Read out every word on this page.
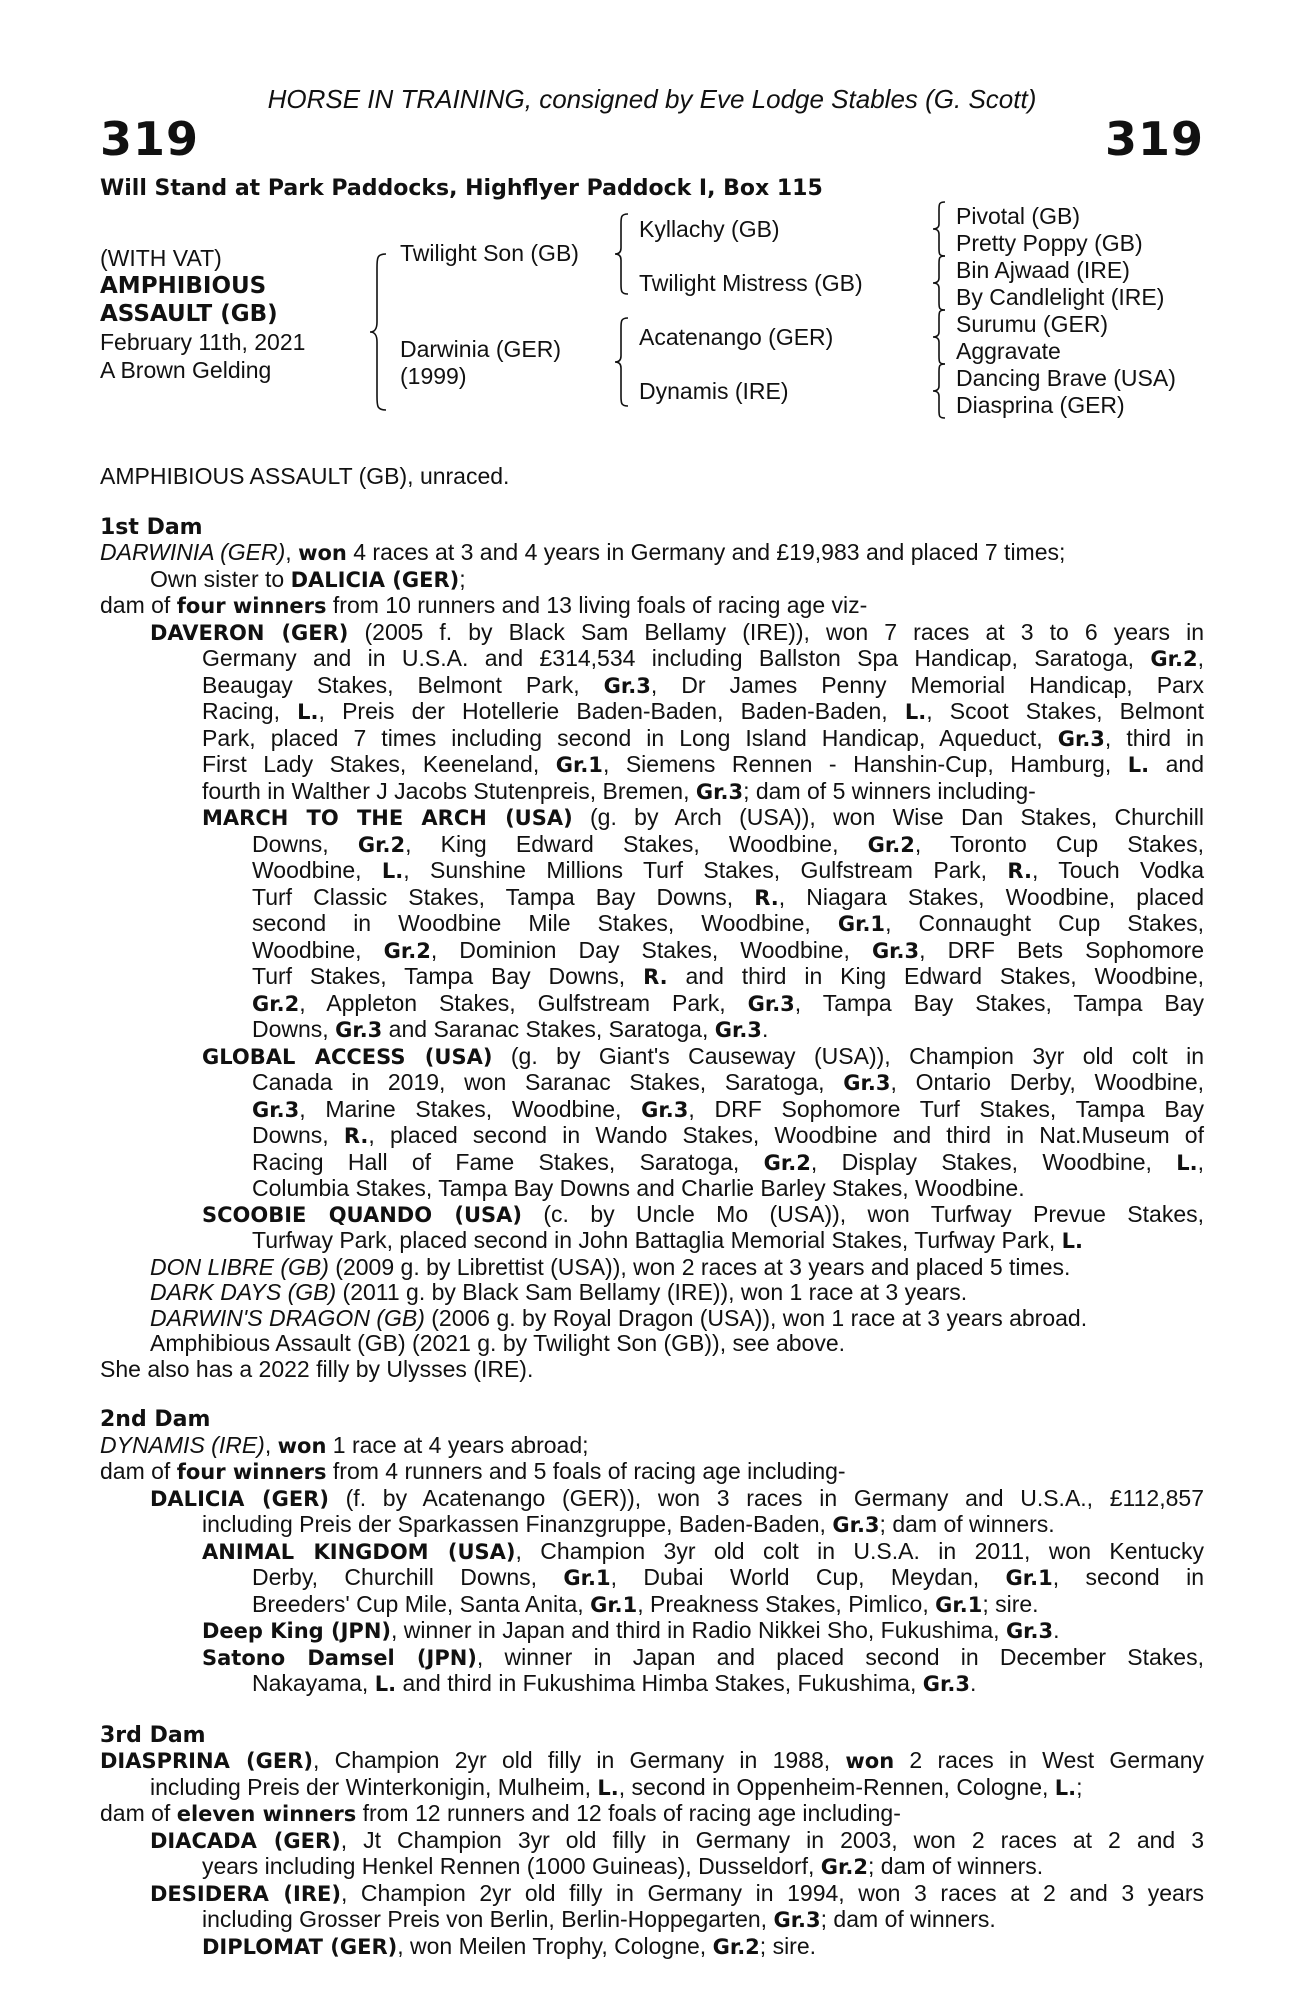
HORSE IN TRAINING, consigned by Eve Lodge Stables (G. Scott)
319	319
Will Stand at Park Paddocks, Highflyer Paddock I, Box 115
(WITH VAT)
AMPHIBIOUS
ASSAULT (GB)
February 11th, 2021
A Brown Gelding
Twilight Son (GB)
Darwinia (GER)
(1999)
Kyllachy (GB)
Twilight Mistress (GB)
Acatenango (GER)
Dynamis (IRE)
Pivotal (GB)
Pretty Poppy (GB)
Bin Ajwaad (IRE)
By Candlelight (IRE)
Surumu (GER)
Aggravate
Dancing Brave (USA)
Diasprina (GER)
AMPHIBIOUS ASSAULT (GB), unraced.
1st Dam
DARWINIA (GER), won 4 races at 3 and 4 years in Germany and £19,983 and placed 7 times;
Own sister to DALICIA (GER);
dam of four winners from 10 runners and 13 living foals of racing age viz-
DAVERON (GER) (2005 f. by Black Sam Bellamy (IRE)), won 7 races at 3 to 6 years in
Germany and in U.S.A. and £314,534 including Ballston Spa Handicap, Saratoga, Gr.2,
Beaugay Stakes, Belmont Park, Gr.3, Dr James Penny Memorial Handicap, Parx
Racing, L., Preis der Hotellerie Baden-Baden, Baden-Baden, L., Scoot Stakes, Belmont
Park, placed 7 times including second in Long Island Handicap, Aqueduct, Gr.3, third in
First Lady Stakes, Keeneland, Gr.1, Siemens Rennen - Hanshin-Cup, Hamburg, L. and
fourth in Walther J Jacobs Stutenpreis, Bremen, Gr.3; dam of 5 winners including-
MARCH TO THE ARCH (USA) (g. by Arch (USA)), won Wise Dan Stakes, Churchill
Downs, Gr.2, King Edward Stakes, Woodbine, Gr.2, Toronto Cup Stakes,
Woodbine, L., Sunshine Millions Turf Stakes, Gulfstream Park, R., Touch Vodka
Turf Classic Stakes, Tampa Bay Downs, R., Niagara Stakes, Woodbine, placed
second in Woodbine Mile Stakes, Woodbine, Gr.1, Connaught Cup Stakes,
Woodbine, Gr.2, Dominion Day Stakes, Woodbine, Gr.3, DRF Bets Sophomore
Turf Stakes, Tampa Bay Downs, R. and third in King Edward Stakes, Woodbine,
Gr.2, Appleton Stakes, Gulfstream Park, Gr.3, Tampa Bay Stakes, Tampa Bay
Downs, Gr.3 and Saranac Stakes, Saratoga, Gr.3.
GLOBAL ACCESS (USA) (g. by Giant's Causeway (USA)), Champion 3yr old colt in
Canada in 2019, won Saranac Stakes, Saratoga, Gr.3, Ontario Derby, Woodbine,
Gr.3, Marine Stakes, Woodbine, Gr.3, DRF Sophomore Turf Stakes, Tampa Bay
Downs, R., placed second in Wando Stakes, Woodbine and third in Nat.Museum of
Racing Hall of Fame Stakes, Saratoga, Gr.2, Display Stakes, Woodbine, L.,
Columbia Stakes, Tampa Bay Downs and Charlie Barley Stakes, Woodbine.
SCOOBIE QUANDO (USA) (c. by Uncle Mo (USA)), won Turfway Prevue Stakes,
Turfway Park, placed second in John Battaglia Memorial Stakes, Turfway Park, L.
DON LIBRE (GB) (2009 g. by Librettist (USA)), won 2 races at 3 years and placed 5 times.
DARK DAYS (GB) (2011 g. by Black Sam Bellamy (IRE)), won 1 race at 3 years.
DARWIN'S DRAGON (GB) (2006 g. by Royal Dragon (USA)), won 1 race at 3 years abroad.
Amphibious Assault (GB) (2021 g. by Twilight Son (GB)), see above.
She also has a 2022 filly by Ulysses (IRE).
2nd Dam
DYNAMIS (IRE), won 1 race at 4 years abroad;
dam of four winners from 4 runners and 5 foals of racing age including-
DALICIA (GER) (f. by Acatenango (GER)), won 3 races in Germany and U.S.A., £112,857
including Preis der Sparkassen Finanzgruppe, Baden-Baden, Gr.3; dam of winners.
ANIMAL KINGDOM (USA), Champion 3yr old colt in U.S.A. in 2011, won Kentucky
Derby, Churchill Downs, Gr.1, Dubai World Cup, Meydan, Gr.1, second in
Breeders' Cup Mile, Santa Anita, Gr.1, Preakness Stakes, Pimlico, Gr.1; sire.
Deep King (JPN), winner in Japan and third in Radio Nikkei Sho, Fukushima, Gr.3.
Satono Damsel (JPN), winner in Japan and placed second in December Stakes,
Nakayama, L. and third in Fukushima Himba Stakes, Fukushima, Gr.3.
3rd Dam
DIASPRINA (GER), Champion 2yr old filly in Germany in 1988, won 2 races in West Germany
including Preis der Winterkonigin, Mulheim, L., second in Oppenheim-Rennen, Cologne, L.;
dam of eleven winners from 12 runners and 12 foals of racing age including-
DIACADA (GER), Jt Champion 3yr old filly in Germany in 2003, won 2 races at 2 and 3
years including Henkel Rennen (1000 Guineas), Dusseldorf, Gr.2; dam of winners.
DESIDERA (IRE), Champion 2yr old filly in Germany in 1994, won 3 races at 2 and 3 years
including Grosser Preis von Berlin, Berlin-Hoppegarten, Gr.3; dam of winners.
DIPLOMAT (GER), won Meilen Trophy, Cologne, Gr.2; sire.
